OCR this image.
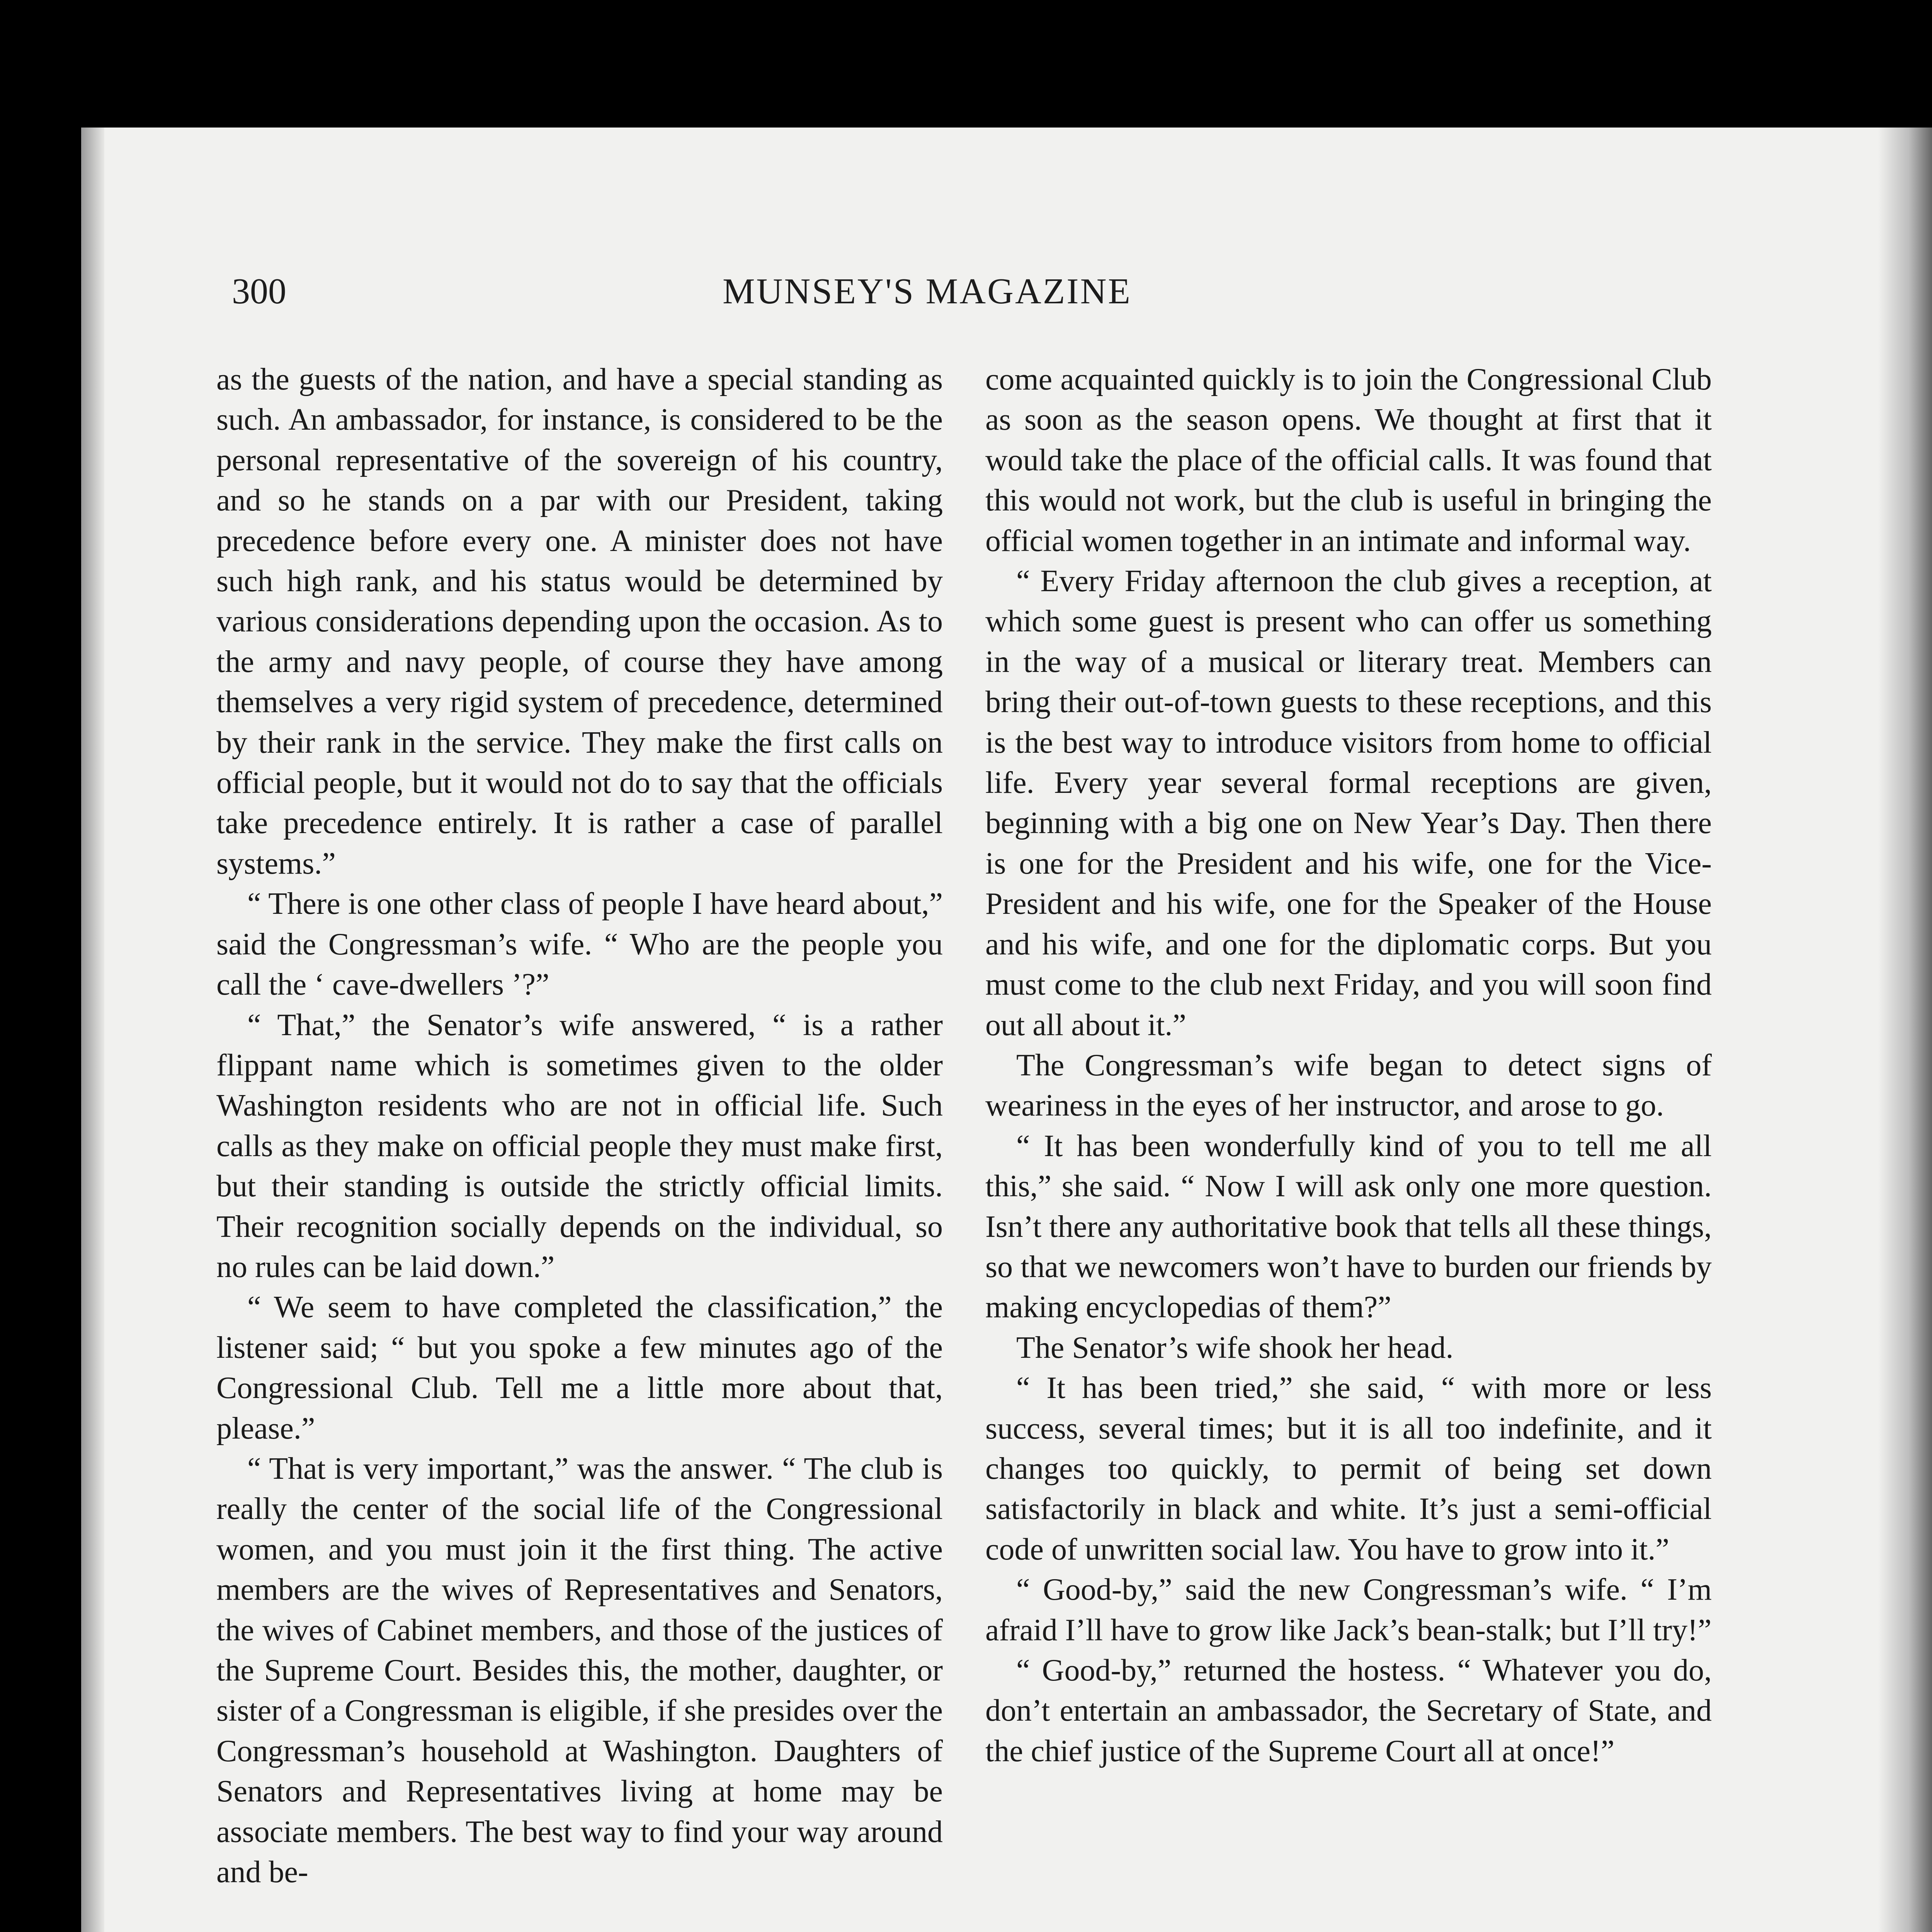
300	MUNSEY'S MAGAZINE

as the guests of the nation, and have a special standing as such. An ambassador, for instance, is considered to be the personal representative of the sovereign of his country, and so he stands on a par with our President, taking precedence before every one. A minister does not have such high rank, and his status would be determined by various considerations depending upon the occasion. As to the army and navy people, of course they have among themselves a very rigid system of precedence, determined by their rank in the service. They make the first calls on official people, but it would not do to say that the officials take precedence entirely. It is rather a case of parallel systems.”

“ There is one other class of people I have heard about,” said the Congressman’s wife. “ Who are the people you call the ‘ cave-dwellers ’?”

“ That,” the Senator’s wife answered, “ is a rather flippant name which is sometimes given to the older Washington residents who are not in official life. Such calls as they make on official people they must make first, but their standing is outside the strictly official limits. Their recognition socially depends on the individual, so no rules can be laid down.”

“ We seem to have completed the classification,” the listener said; “ but you spoke a few minutes ago of the Congressional Club. Tell me a little more about that, please.”

“ That is very important,” was the answer. “ The club is really the center of the social life of the Congressional women, and you must join it the first thing. The active members are the wives of Representatives and Senators, the wives of Cabinet members, and those of the justices of the Supreme Court. Besides this, the mother, daughter, or sister of a Congressman is eligible, if she presides over the Congressman’s household at Washington. Daughters of Senators and Representatives living at home may be associate members. The best way to find your way around and be-

come acquainted quickly is to join the Congressional Club as soon as the season opens. We thought at first that it would take the place of the official calls. It was found that this would not work, but the club is useful in bringing the official women together in an intimate and informal way.

“ Every Friday afternoon the club gives a reception, at which some guest is present who can offer us something in the way of a musical or literary treat. Members can bring their out-of-town guests to these receptions, and this is the best way to introduce visitors from home to official life. Every year several formal receptions are given, beginning with a big one on New Year’s Day. Then there is one for the President and his wife, one for the Vice-President and his wife, one for the Speaker of the House and his wife, and one for the diplomatic corps. But you must come to the club next Friday, and you will soon find out all about it.”

The Congressman’s wife began to detect signs of weariness in the eyes of her instructor, and arose to go.

“ It has been wonderfully kind of you to tell me all this,” she said. “ Now I will ask only one more question. Isn’t there any authoritative book that tells all these things, so that we newcomers won’t have to burden our friends by making encyclopedias of them?”

The Senator’s wife shook her head.

“ It has been tried,” she said, “ with more or less success, several times; but it is all too indefinite, and it changes too quickly, to permit of being set down satisfactorily in black and white. It’s just a semi-official code of unwritten social law. You have to grow into it.”

“ Good-by,” said the new Congressman’s wife. “ I’m afraid I’ll have to grow like Jack’s bean-stalk; but I’ll try!”

“ Good-by,” returned the hostess. “ Whatever you do, don’t entertain an ambassador, the Secretary of State, and the chief justice of the Supreme Court all at once!”
